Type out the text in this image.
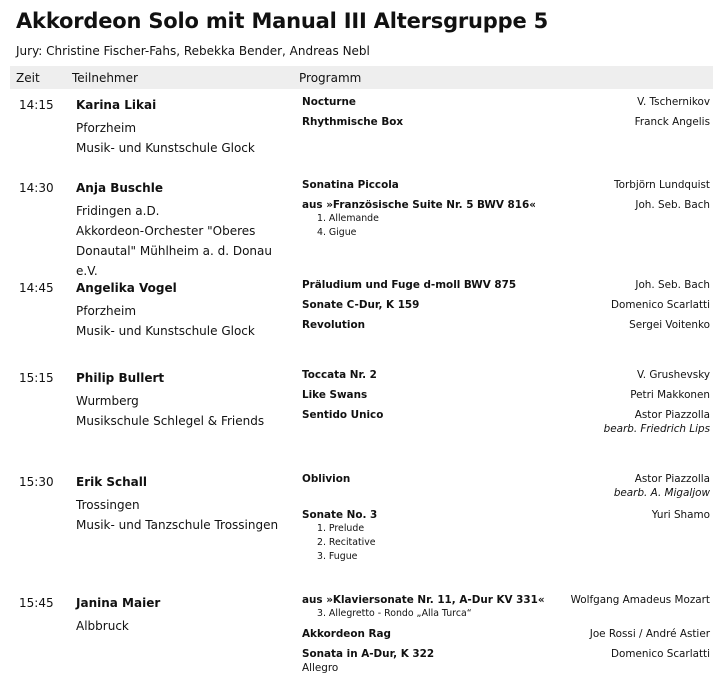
Akkordeon Solo mit Manual III Altersgruppe 5
Jury: Christine Fischer-Fahs, Rebekka Bender, Andreas Nebl
Zeit	Teilnehmer	Programm
14:15 Karina Likai
Pforzheim
Musik- und Kunstschule Glock
Nocturne	V. Tschernikov
Rhythmische Box	Franck Angelis
14:30 Anja Buschle
Fridingen a.D.
Akkordeon-Orchester "Oberes Donautal" Mühlheim a. d. Donau e.V.
Sonatina Piccola	Torbjörn Lundquist
aus »Französische Suite Nr. 5 BWV 816«	Joh. Seb. Bach
1. Allemande
4. Gigue
14:45 Angelika Vogel
Pforzheim
Musik- und Kunstschule Glock
Präludium und Fuge d-moll BWV 875	Joh. Seb. Bach
Sonate C-Dur, K 159	Domenico Scarlatti
Revolution	Sergei Voitenko
15:15 Philip Bullert
Wurmberg
Musikschule Schlegel & Friends
Toccata Nr. 2	V. Grushevsky
Like Swans	Petri Makkonen
Sentido Unico	Astor Piazzolla
bearb. Friedrich Lips
15:30 Erik Schall
Trossingen
Musik- und Tanzschule Trossingen
Oblivion	Astor Piazzolla
bearb. A. Migaljow
Sonate No. 3	Yuri Shamo
1. Prelude
2. Recitative
3. Fugue
15:45 Janina Maier
Albbruck
aus »Klaviersonate Nr. 11, A-Dur KV 331«	Wolfgang Amadeus Mozart
3. Allegretto - Rondo „Alla Turca“
Akkordeon Rag	Joe Rossi / André Astier
Sonata in A-Dur, K 322	Domenico Scarlatti
Allegro
